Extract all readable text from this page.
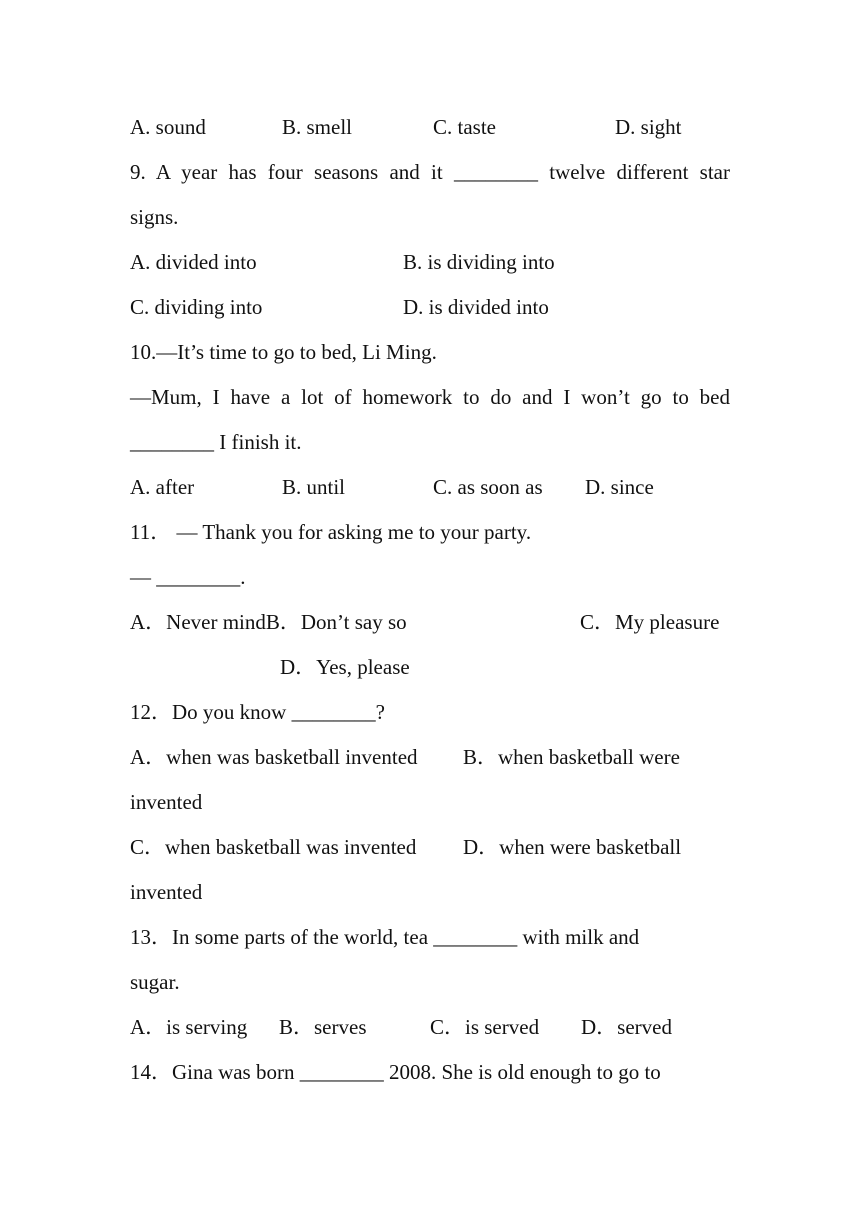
A. sound	B. smell	C. taste	D. sight
9. A year has four seasons and it ________ twelve different star
signs.
A. divided into	B. is dividing into
C. dividing into	D. is divided into
10.—It’s time to go to bed, Li Ming.
—Mum, I have a lot of homework to do and I won’t go to bed
________ I finish it.
A. after	B. until	C. as soon as D. since
11． — Thank you for asking me to your party.
— ________.
A．Never mindB．Don’t say so	C．My pleasure
D．Yes, please
12．Do you know ________?
A．when was basketball invented B．when basketball were
invented
C．when basketball was invented D．when were basketball
invented
13．In some parts of the world, tea ________ with milk and
sugar.
A．is serving B．serves	C．is served D．served
14．Gina was born ________ 2008. She is old enough to go to
